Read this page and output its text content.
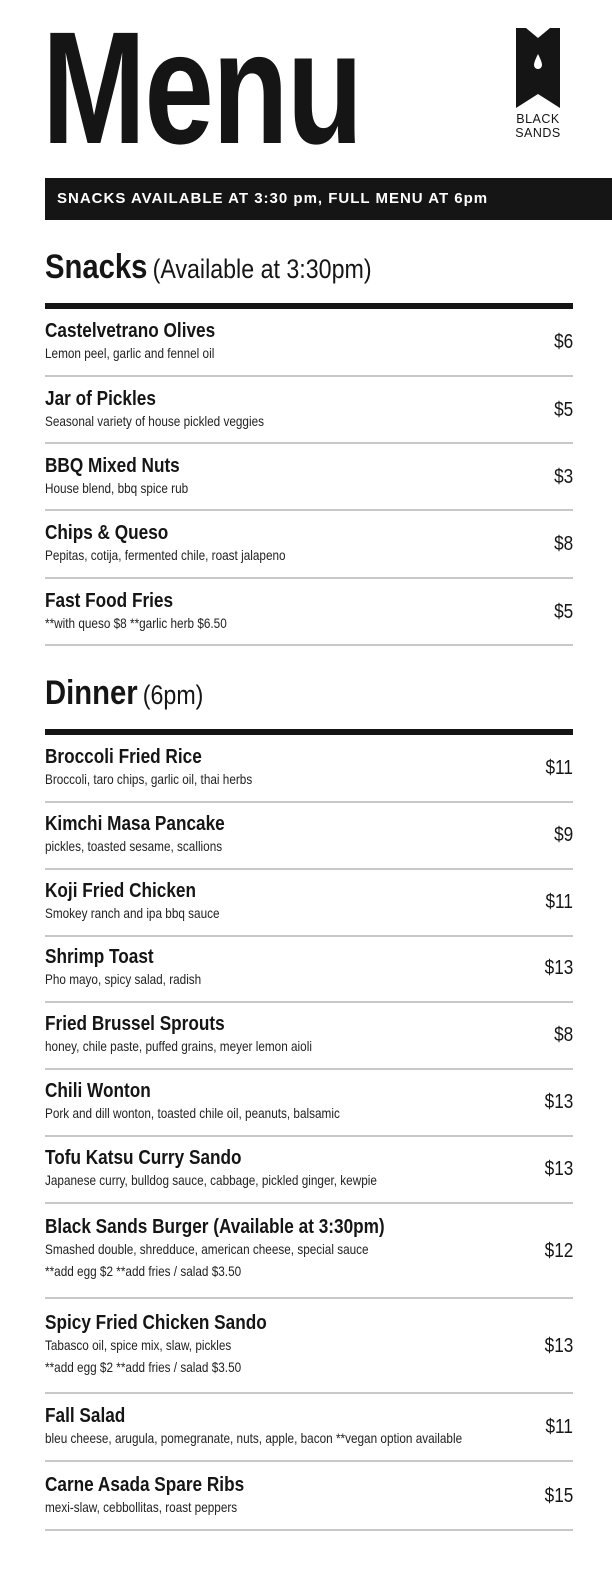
Menu	BLACK
SANDS
SNACKS AVAILABLE AT 3:30 pm, FULL MENU AT 6pm
Snacks (Available at 3:30pm)
Castelvetrano Olives
Lemon peel, garlic and fennel oil	$6
Jar of Pickles
Seasonal variety of house pickled veggies	$5
BBQ Mixed Nuts
House blend, bbq spice rub	$3
Chips & Queso
Pepitas, cotija, fermented chile, roast jalapeno	$8
Fast Food Fries
**with queso $8 **garlic herb $6.50	$5
Dinner (6pm)
Broccoli Fried Rice
Broccoli, taro chips, garlic oil, thai herbs	$11
Kimchi Masa Pancake
pickles, toasted sesame, scallions	$9
Koji Fried Chicken
Smokey ranch and ipa bbq sauce	$11
Shrimp Toast
Pho mayo, spicy salad, radish	$13
Fried Brussel Sprouts
honey, chile paste, puffed grains, meyer lemon aioli	$8
Chili Wonton
Pork and dill wonton, toasted chile oil, peanuts, balsamic	$13
Tofu Katsu Curry Sando
Japanese curry, bulldog sauce, cabbage, pickled ginger, kewpie	$13
Black Sands Burger (Available at 3:30pm)
Smashed double, shredduce, american cheese, special sauce
**add egg $2 **add fries / salad $3.50
$12
Spicy Fried Chicken Sando
Tabasco oil, spice mix, slaw, pickles
**add egg $2 **add fries / salad $3.50
$13
Fall Salad
bleu cheese, arugula, pomegranate, nuts, apple, bacon **vegan option available	$11
Carne Asada Spare Ribs
mexi-slaw, cebbollitas, roast peppers	$15
